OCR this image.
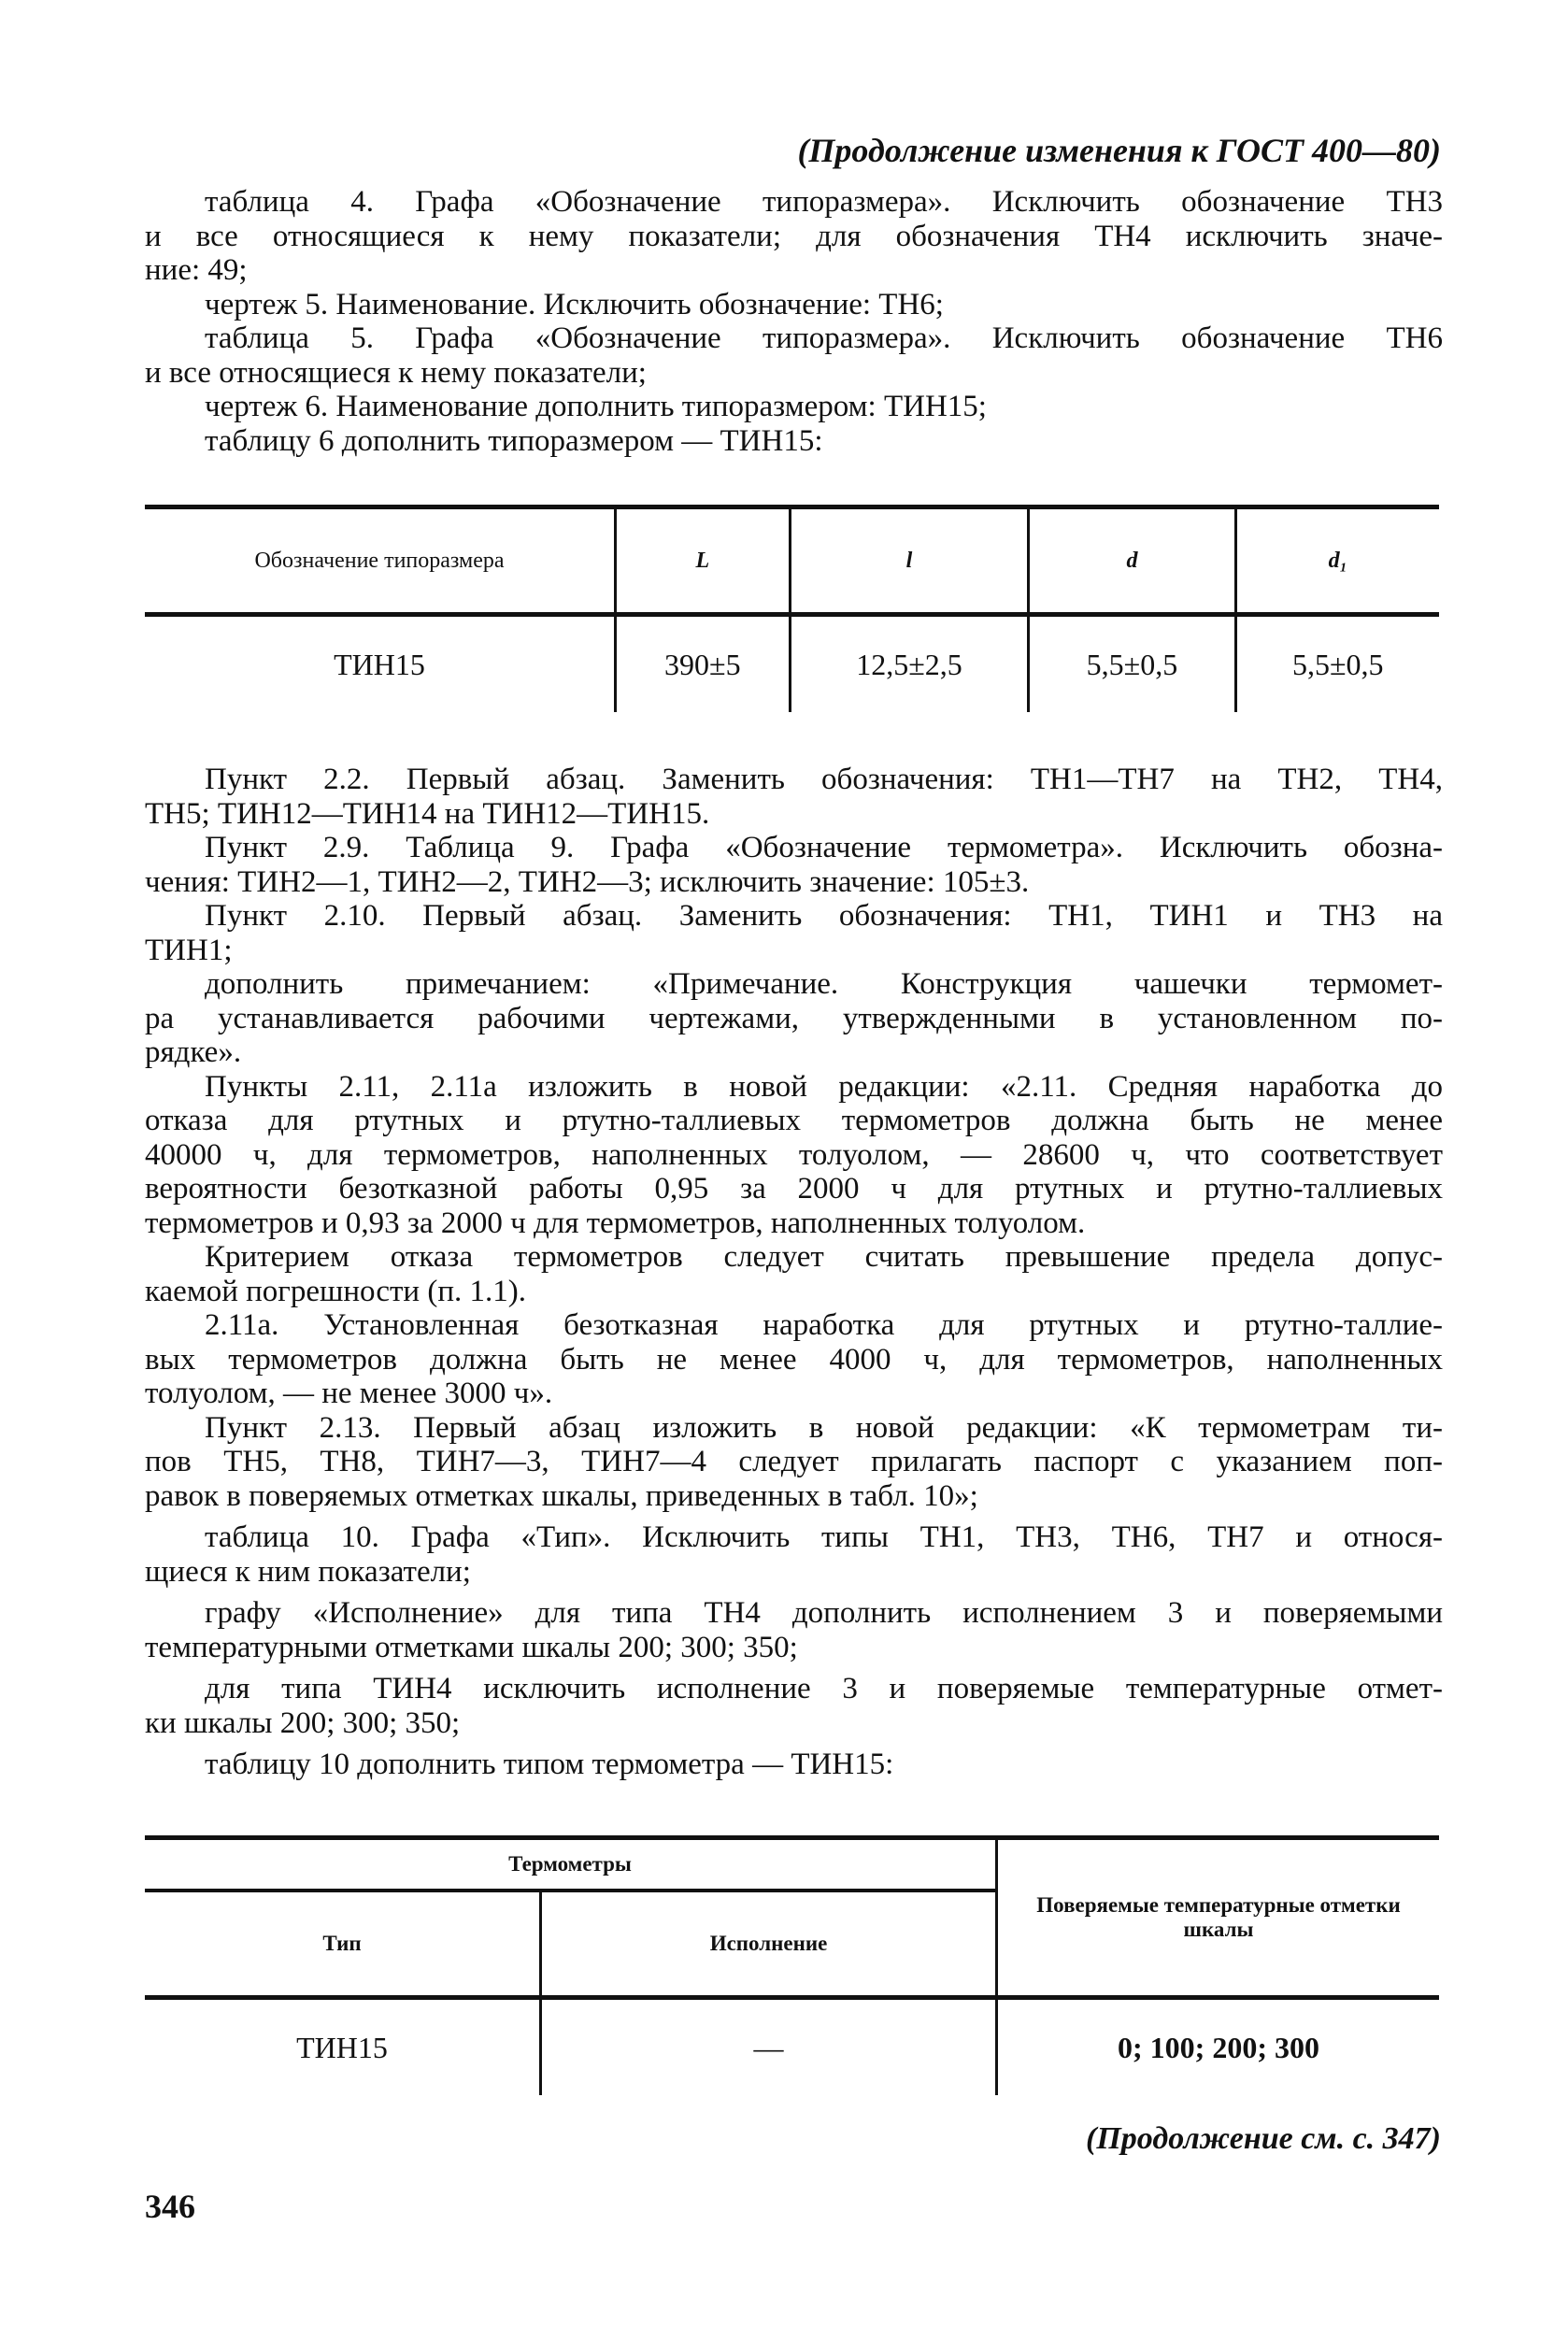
(Продолжение изменения к ГОСТ 400—80)
таблица 4. Графа «Обозначение типоразмера». Исключить обозначение ТН3
и все относящиеся к нему показатели; для обозначения ТН4 исключить значе-
ние: 49;
чертеж 5. Наименование. Исключить обозначение: ТН6;
таблица 5. Графа «Обозначение типоразмера». Исключить обозначение ТН6
и все относящиеся к нему показатели;
чертеж 6. Наименование дополнить типоразмером: ТИН15;
таблицу 6 дополнить типоразмером — ТИН15:
Обозначение типоразмера	L	l	d	d₁
ТИН15	390±5	12,5±2,5	5,5±0,5	5,5±0,5
Пункт 2.2. Первый абзац. Заменить обозначения: ТН1—ТН7 на ТН2, ТН4,
ТН5; ТИН12—ТИН14 на ТИН12—ТИН15.
Пункт 2.9. Таблица 9. Графа «Обозначение термометра». Исключить обозна-
чения: ТИН2—1, ТИН2—2, ТИН2—3; исключить значение: 105±3.
Пункт 2.10. Первый абзац. Заменить обозначения: ТН1, ТИН1 и ТН3 на
ТИН1;
дополнить примечанием: «Примечание. Конструкция чашечки термомет-
ра устанавливается рабочими чертежами, утвержденными в установленном по-
рядке».
Пункты 2.11, 2.11а изложить в новой редакции: «2.11. Средняя наработка до
отказа для ртутных и ртутно-таллиевых термометров должна быть не менее
40000 ч, для термометров, наполненных толуолом, — 28600 ч, что соответствует
вероятности безотказной работы 0,95 за 2000 ч для ртутных и ртутно-таллиевых
термометров и 0,93 за 2000 ч для термометров, наполненных толуолом.
Критерием отказа термометров следует считать превышение предела допус-
каемой погрешности (п. 1.1).
2.11а. Установленная безотказная наработка для ртутных и ртутно-таллие-
вых термометров должна быть не менее 4000 ч, для термометров, наполненных
толуолом, — не менее 3000 ч».
Пункт 2.13. Первый абзац изложить в новой редакции: «К термометрам ти-
пов ТН5, ТН8, ТИН7—3, ТИН7—4 следует прилагать паспорт с указанием поп-
равок в поверяемых отметках шкалы, приведенных в табл. 10»;
таблица 10. Графа «Тип». Исключить типы ТН1, ТН3, ТН6, ТН7 и относя-
щиеся к ним показатели;
графу «Исполнение» для типа ТН4 дополнить исполнением 3 и поверяемыми
температурными отметками шкалы 200; 300; 350;
для типа ТИН4 исключить исполнение 3 и поверяемые температурные отмет-
ки шкалы 200; 300; 350;
таблицу 10 дополнить типом термометра — ТИН15:
Термометры		Поверяемые температурные отметки шкалы
Тип	Исполнение	
ТИН15	—	0; 100; 200; 300
(Продолжение см. с. 347)
346
